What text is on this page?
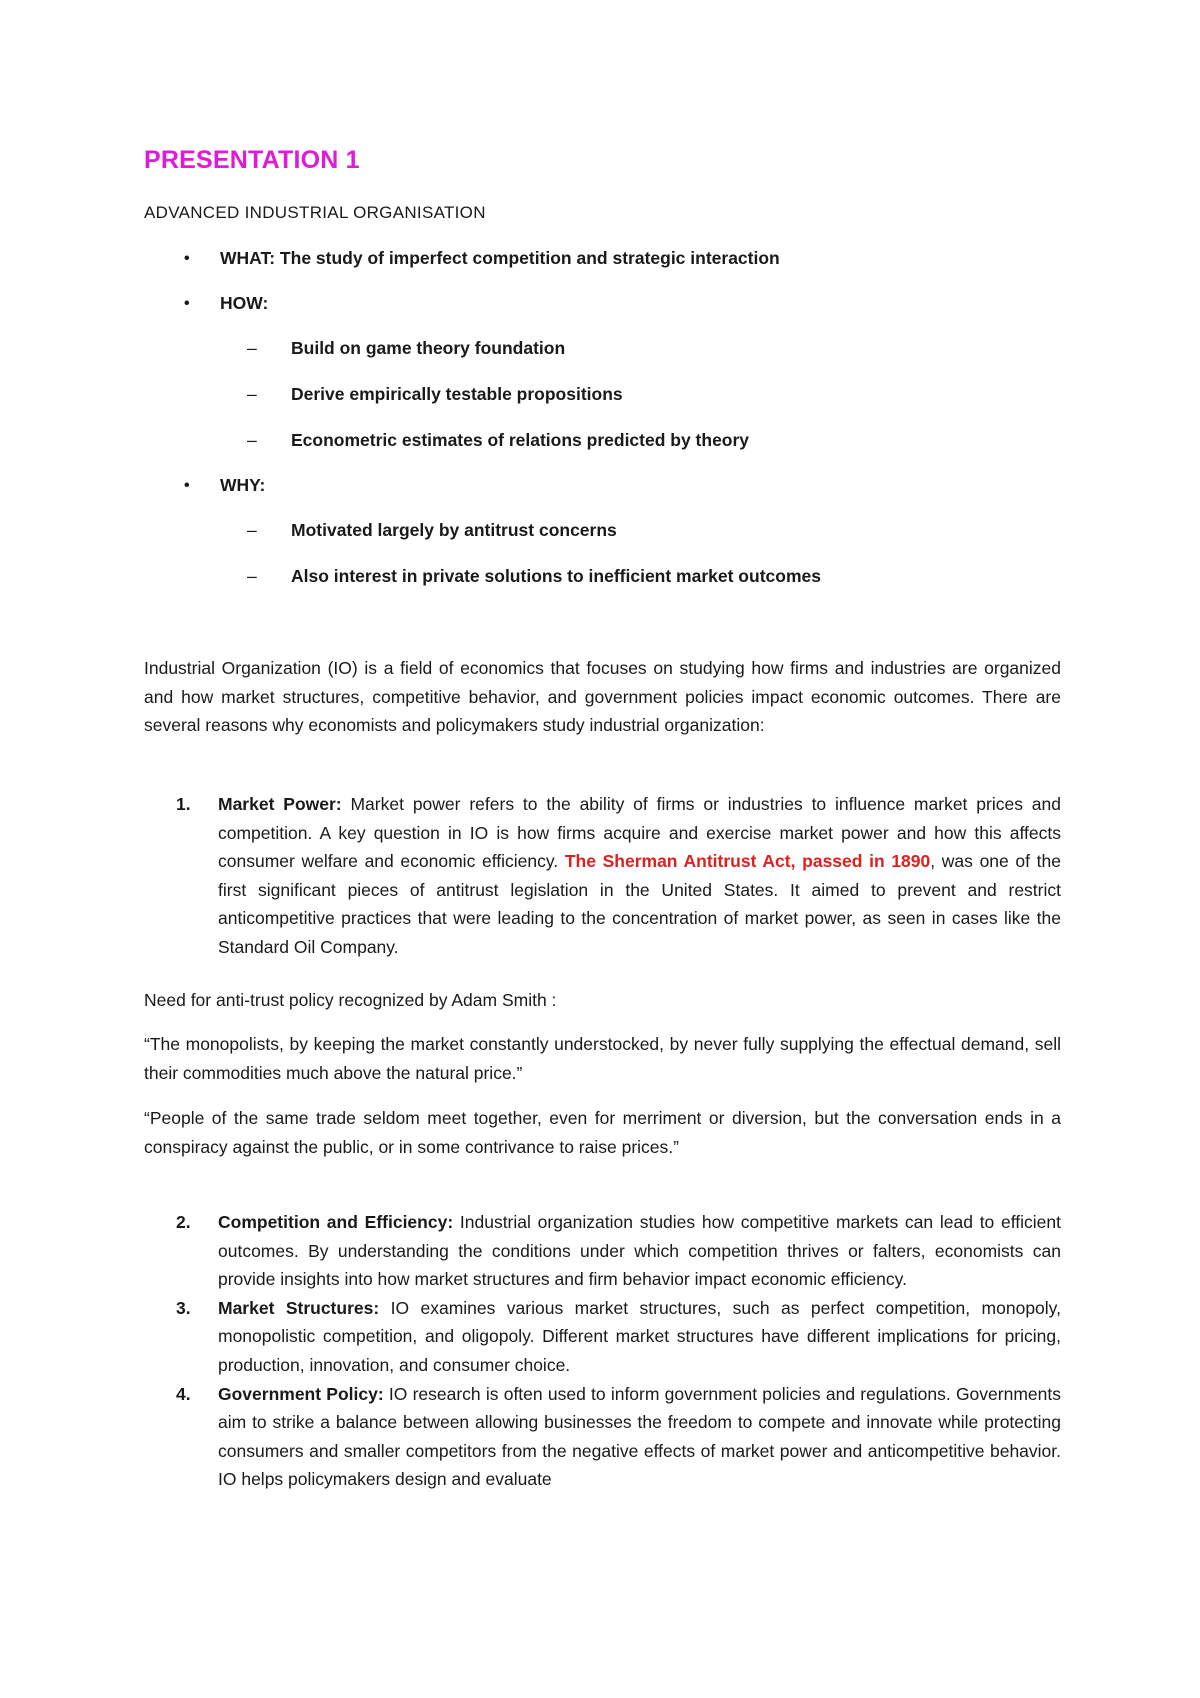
PRESENTATION 1

ADVANCED INDUSTRIAL ORGANISATION

• WHAT: The study of imperfect competition and strategic interaction
• HOW:
– Build on game theory foundation
– Derive empirically testable propositions
– Econometric estimates of relations predicted by theory
• WHY:
– Motivated largely by antitrust concerns
– Also interest in private solutions to inefficient market outcomes

Industrial Organization (IO) is a field of economics that focuses on studying how firms and industries are organized and how market structures, competitive behavior, and government policies impact economic outcomes. There are several reasons why economists and policymakers study industrial organization:

1. Market Power: Market power refers to the ability of firms or industries to influence market prices and competition. A key question in IO is how firms acquire and exercise market power and how this affects consumer welfare and economic efficiency. The Sherman Antitrust Act, passed in 1890, was one of the first significant pieces of antitrust legislation in the United States. It aimed to prevent and restrict anticompetitive practices that were leading to the concentration of market power, as seen in cases like the Standard Oil Company.

Need for anti-trust policy recognized by Adam Smith :

“The monopolists, by keeping the market constantly understocked, by never fully supplying the effectual demand, sell their commodities much above the natural price.”

“People of the same trade seldom meet together, even for merriment or diversion, but the conversation ends in a conspiracy against the public, or in some contrivance to raise prices.”

2. Competition and Efficiency: Industrial organization studies how competitive markets can lead to efficient outcomes. By understanding the conditions under which competition thrives or falters, economists can provide insights into how market structures and firm behavior impact economic efficiency.
3. Market Structures: IO examines various market structures, such as perfect competition, monopoly, monopolistic competition, and oligopoly. Different market structures have different implications for pricing, production, innovation, and consumer choice.
4. Government Policy: IO research is often used to inform government policies and regulations. Governments aim to strike a balance between allowing businesses the freedom to compete and innovate while protecting consumers and smaller competitors from the negative effects of market power and anticompetitive behavior. IO helps policymakers design and evaluate
